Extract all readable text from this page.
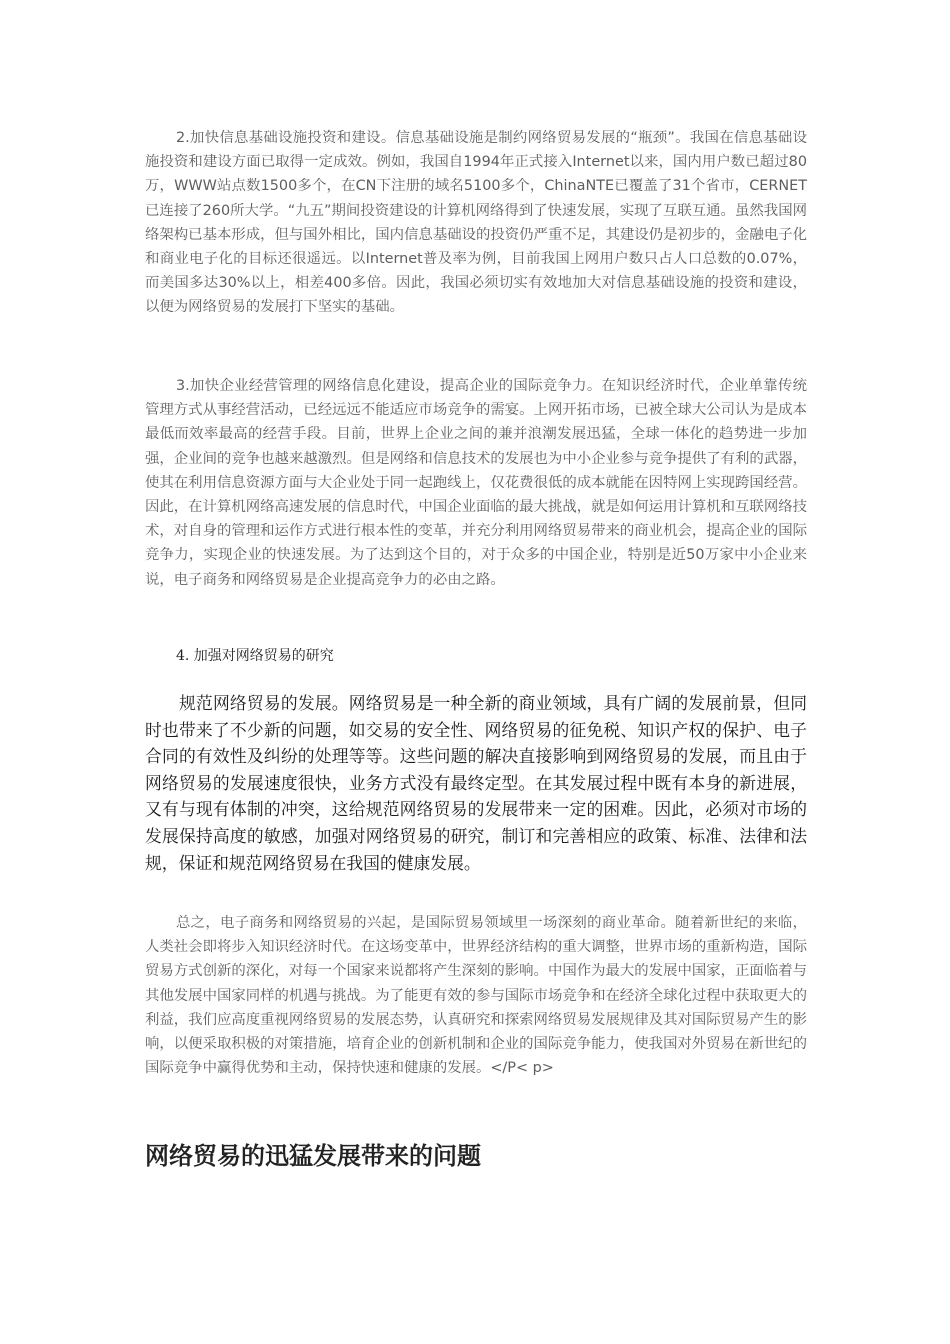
2.加快信息基础设施投资和建设。信息基础设施是制约网络贸易发展的“瓶颈”。我国在信息基础设施投资和建设方面已取得一定成效。例如，我国自1994年正式接入Internet以来，国内用户数已超过80万，WWW站点数1500多个，在CN下注册的域名5100多个，ChinaNTE已覆盖了31个省市，CERNET已连接了260所大学。“九五”期间投资建设的计算机网络得到了快速发展，实现了互联互通。虽然我国网络架构已基本形成，但与国外相比，国内信息基础设的投资仍严重不足，其建设仍是初步的，金融电子化和商业电子化的目标还很遥远。以Internet普及率为例，目前我国上网用户数只占人口总数的0.07%，而美国多达30%以上，相差400多倍。因此，我国必须切实有效地加大对信息基础设施的投资和建设，以便为网络贸易的发展打下坚实的基础。

3.加快企业经营管理的网络信息化建设，提高企业的国际竞争力。在知识经济时代，企业单靠传统管理方式从事经营活动，已经远远不能适应市场竞争的需宴。上网开拓市场，已被全球大公司认为是成本最低而效率最高的经营手段。目前，世界上企业之间的兼并浪潮发展迅猛，全球一体化的趋势进一步加强，企业间的竞争也越来越激烈。但是网络和信息技术的发展也为中小企业参与竞争提供了有利的武器，使其在利用信息资源方面与大企业处于同一起跑线上，仅花费很低的成本就能在因特网上实现跨国经营。因此，在计算机网络高速发展的信息时代，中国企业面临的最大挑战，就是如何运用计算机和互联网络技术，对自身的管理和运作方式进行根本性的变革，并充分利用网络贸易带来的商业机会，提高企业的国际竞争力，实现企业的快速发展。为了达到这个目的，对于众多的中国企业，特别是近50万家中小企业来说，电子商务和网络贸易是企业提高竞争力的必由之路。

4. 加强对网络贸易的研究

规范网络贸易的发展。网络贸易是一种全新的商业领域，具有广阔的发展前景，但同时也带来了不少新的问题，如交易的安全性、网络贸易的征免税、知识产权的保护、电子合同的有效性及纠纷的处理等等。这些问题的解决直接影响到网络贸易的发展，而且由于网络贸易的发展速度很快，业务方式没有最终定型。在其发展过程中既有本身的新进展，又有与现有体制的冲突，这给规范网络贸易的发展带来一定的困难。因此，必须对市场的发展保持高度的敏感，加强对网络贸易的研究，制订和完善相应的政策、标准、法律和法规，保证和规范网络贸易在我国的健康发展。

总之，电子商务和网络贸易的兴起，是国际贸易领域里一场深刻的商业革命。随着新世纪的来临，人类社会即将步入知识经济时代。在这场变革中，世界经济结构的重大调整，世界市场的重新构造，国际贸易方式创新的深化，对每一个国家来说都将产生深刻的影响。中国作为最大的发展中国家，正面临着与其他发展中国家同样的机遇与挑战。为了能更有效的参与国际市场竞争和在经济全球化过程中获取更大的利益，我们应高度重视网络贸易的发展态势，认真研究和探索网络贸易发展规律及其对国际贸易产生的影响，以便采取积极的对策措施，培育企业的创新机制和企业的国际竞争能力，使我国对外贸易在新世纪的国际竞争中赢得优势和主动，保持快速和健康的发展。</P< p>

网络贸易的迅猛发展带来的问题
